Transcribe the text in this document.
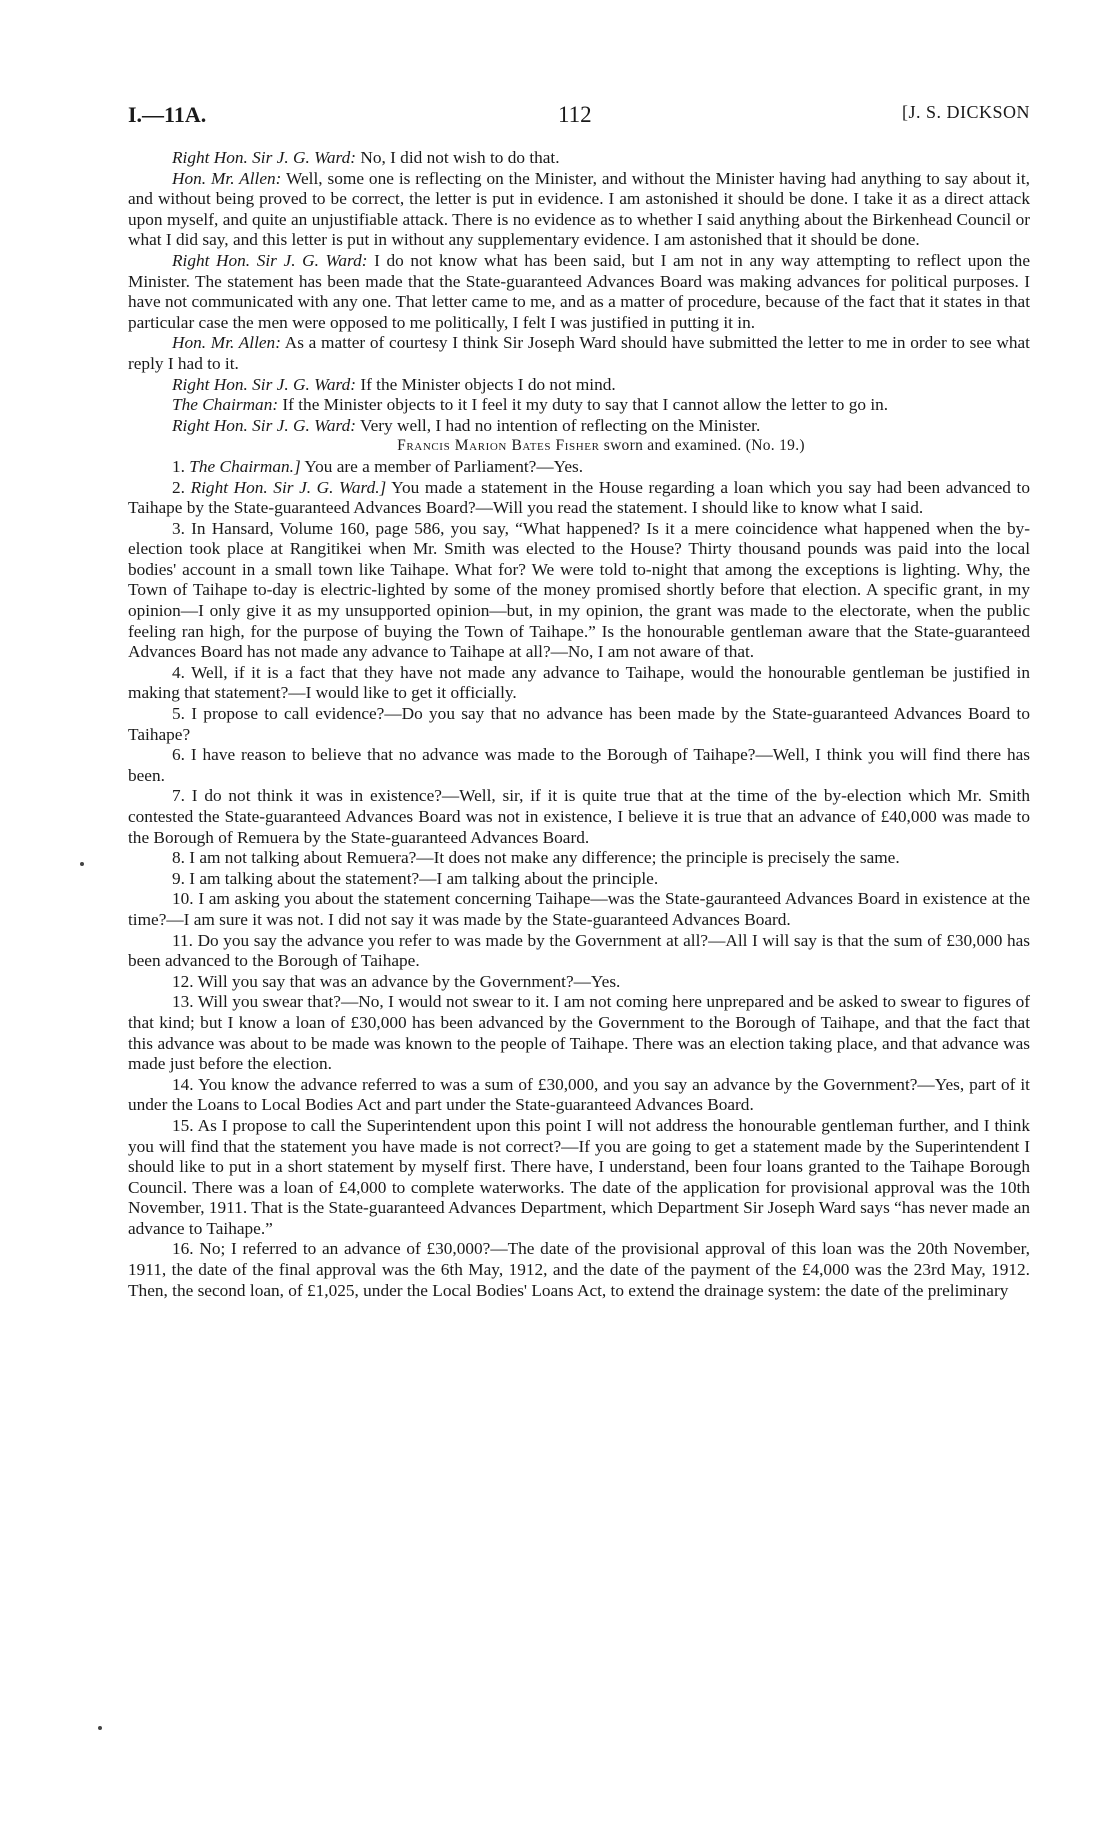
I.—11A.	112	[J. S. DICKSON

Right Hon. Sir J. G. Ward: No, I did not wish to do that.

Hon. Mr. Allen: Well, some one is reflecting on the Minister, and without the Minister having had anything to say about it, and without being proved to be correct, the letter is put in evidence. I am astonished it should be done. I take it as a direct attack upon myself, and quite an unjustifiable attack. There is no evidence as to whether I said anything about the Birkenhead Council or what I did say, and this letter is put in without any supplementary evidence. I am astonished that it should be done.

Right Hon. Sir J. G. Ward: I do not know what has been said, but I am not in any way attempting to reflect upon the Minister. The statement has been made that the State-guaranteed Advances Board was making advances for political purposes. I have not communicated with any one. That letter came to me, and as a matter of procedure, because of the fact that it states in that particular case the men were opposed to me politically, I felt I was justified in putting it in.

Hon. Mr. Allen: As a matter of courtesy I think Sir Joseph Ward should have submitted the letter to me in order to see what reply I had to it.

Right Hon. Sir J. G. Ward: If the Minister objects I do not mind.

The Chairman: If the Minister objects to it I feel it my duty to say that I cannot allow the letter to go in.

Right Hon. Sir J. G. Ward: Very well, I had no intention of reflecting on the Minister.

Francis Marion Bates Fisher sworn and examined. (No. 19.)

1. The Chairman.] You are a member of Parliament?—Yes.

2. Right Hon. Sir J. G. Ward.] You made a statement in the House regarding a loan which you say had been advanced to Taihape by the State-guaranteed Advances Board?—Will you read the statement. I should like to know what I said.

3. In Hansard, Volume 160, page 586, you say, “What happened? Is it a mere coincidence what happened when the by-election took place at Rangitikei when Mr. Smith was elected to the House? Thirty thousand pounds was paid into the local bodies' account in a small town like Taihape. What for? We were told to-night that among the exceptions is lighting. Why, the Town of Taihape to-day is electric-lighted by some of the money promised shortly before that election. A specific grant, in my opinion—I only give it as my unsupported opinion—but, in my opinion, the grant was made to the electorate, when the public feeling ran high, for the purpose of buying the Town of Taihape.” Is the honourable gentleman aware that the State-guaranteed Advances Board has not made any advance to Taihape at all?—No, I am not aware of that.

4. Well, if it is a fact that they have not made any advance to Taihape, would the honourable gentleman be justified in making that statement?—I would like to get it officially.

5. I propose to call evidence?—Do you say that no advance has been made by the State-guaranteed Advances Board to Taihape?

6. I have reason to believe that no advance was made to the Borough of Taihape?—Well, I think you will find there has been.

7. I do not think it was in existence?—Well, sir, if it is quite true that at the time of the by-election which Mr. Smith contested the State-guaranteed Advances Board was not in existence, I believe it is true that an advance of £40,000 was made to the Borough of Remuera by the State-guaranteed Advances Board.

8. I am not talking about Remuera?—It does not make any difference; the principle is precisely the same.

9. I am talking about the statement?—I am talking about the principle.

10. I am asking you about the statement concerning Taihape—was the State-gauranteed Advances Board in existence at the time?—I am sure it was not. I did not say it was made by the State-guaranteed Advances Board.

11. Do you say the advance you refer to was made by the Government at all?—All I will say is that the sum of £30,000 has been advanced to the Borough of Taihape.

12. Will you say that was an advance by the Government?—Yes.

13. Will you swear that?—No, I would not swear to it. I am not coming here unprepared and be asked to swear to figures of that kind; but I know a loan of £30,000 has been advanced by the Government to the Borough of Taihape, and that the fact that this advance was about to be made was known to the people of Taihape. There was an election taking place, and that advance was made just before the election.

14. You know the advance referred to was a sum of £30,000, and you say an advance by the Government?—Yes, part of it under the Loans to Local Bodies Act and part under the State-guaranteed Advances Board.

15. As I propose to call the Superintendent upon this point I will not address the honourable gentleman further, and I think you will find that the statement you have made is not correct?—If you are going to get a statement made by the Superintendent I should like to put in a short statement by myself first. There have, I understand, been four loans granted to the Taihape Borough Council. There was a loan of £4,000 to complete waterworks. The date of the application for provisional approval was the 10th November, 1911. That is the State-guaranteed Advances Department, which Department Sir Joseph Ward says “has never made an advance to Taihape.”

16. No; I referred to an advance of £30,000?—The date of the provisional approval of this loan was the 20th November, 1911, the date of the final approval was the 6th May, 1912, and the date of the payment of the £4,000 was the 23rd May, 1912. Then, the second loan, of £1,025, under the Local Bodies' Loans Act, to extend the drainage system: the date of the preliminary
